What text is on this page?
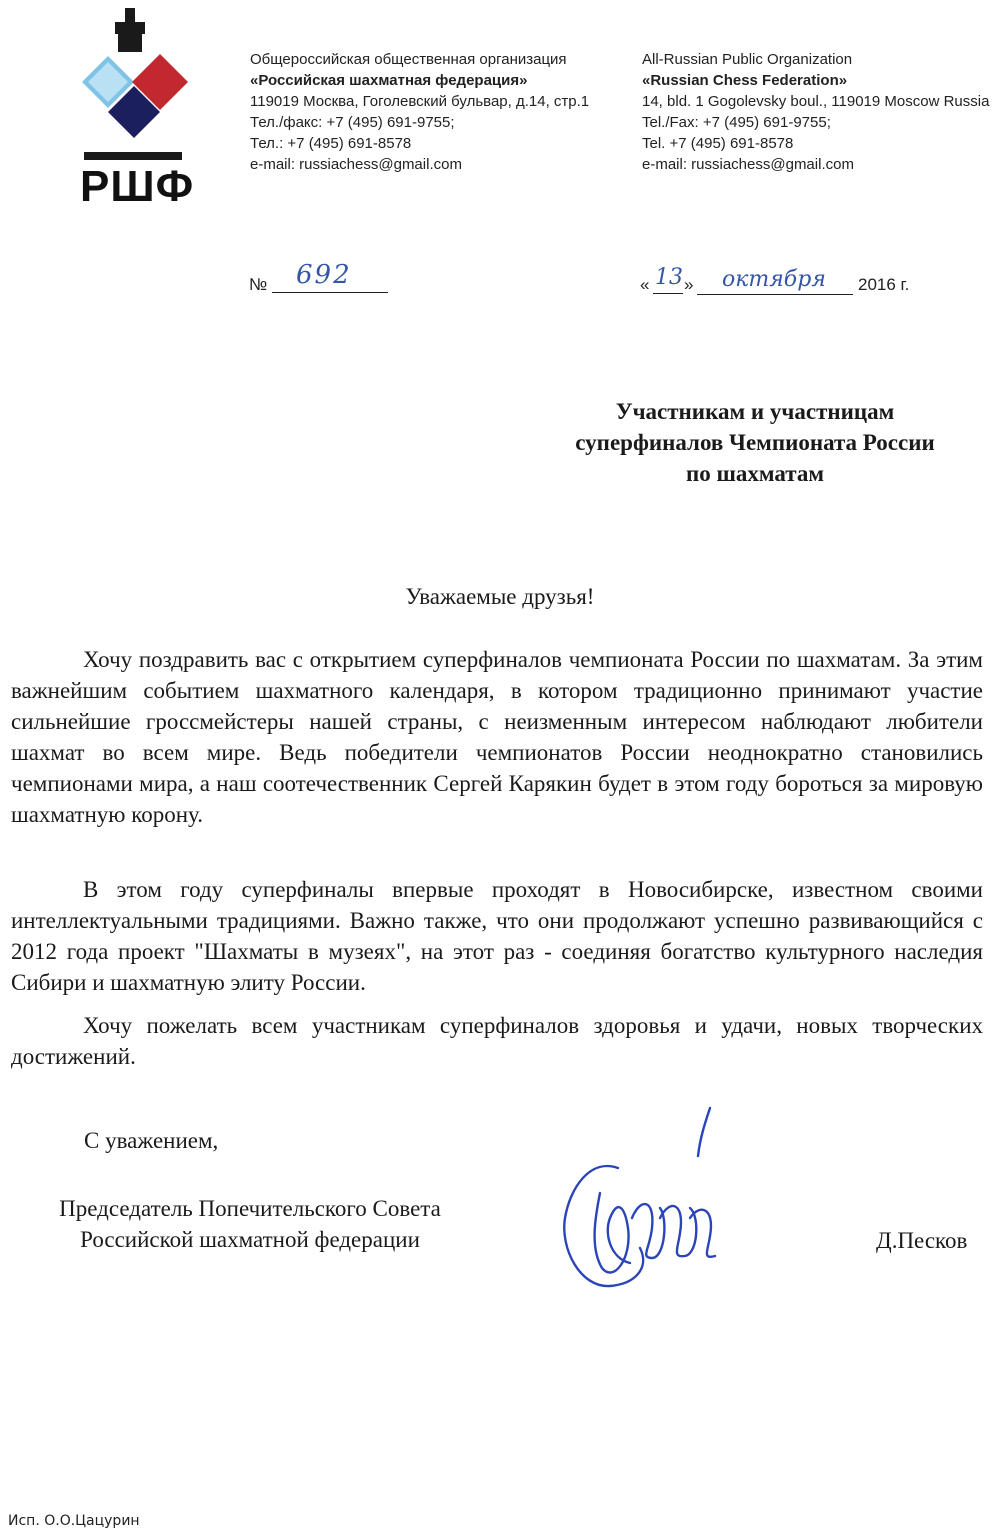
РШФ
Общероссийская общественная организация
«Российская шахматная федерация»
119019 Москва, Гоголевский бульвар, д.14, стр.1
Тел./факс: +7 (495) 691-9755;
Тел.: +7 (495) 691-8578
e-mail: russiachess@gmail.com
All-Russian Public Organization
«Russian Chess Federation»
14, bld. 1 Gogolevsky boul., 119019 Moscow Russia
Tel./Fax: +7 (495) 691-9755;
Tel. +7 (495) 691-8578
e-mail: russiachess@gmail.com
№ 692	« 13 » октября 2016 г.
Участникам и участницам
суперфиналов Чемпионата России
по шахматам
Уважаемые друзья!
Хочу поздравить вас с открытием суперфиналов чемпионата России по шахматам. За этим важнейшим событием шахматного календаря, в котором традиционно принимают участие сильнейшие гроссмейстеры нашей страны, с неизменным интересом наблюдают любители шахмат во всем мире. Ведь победители чемпионатов России неоднократно становились чемпионами мира, а наш соотечественник Сергей Карякин будет в этом году бороться за мировую шахматную корону.
В этом году суперфиналы впервые проходят в Новосибирске, известном своими интеллектуальными традициями. Важно также, что они продолжают успешно развивающийся с 2012 года проект "Шахматы в музеях", на этот раз - соединяя богатство культурного наследия Сибири и шахматную элиту России.
Хочу пожелать всем участникам суперфиналов здоровья и удачи, новых творческих достижений.
С уважением,
Председатель Попечительского Совета
Российской шахматной федерации	Д.Песков
Исп. О.О.Цацурин
